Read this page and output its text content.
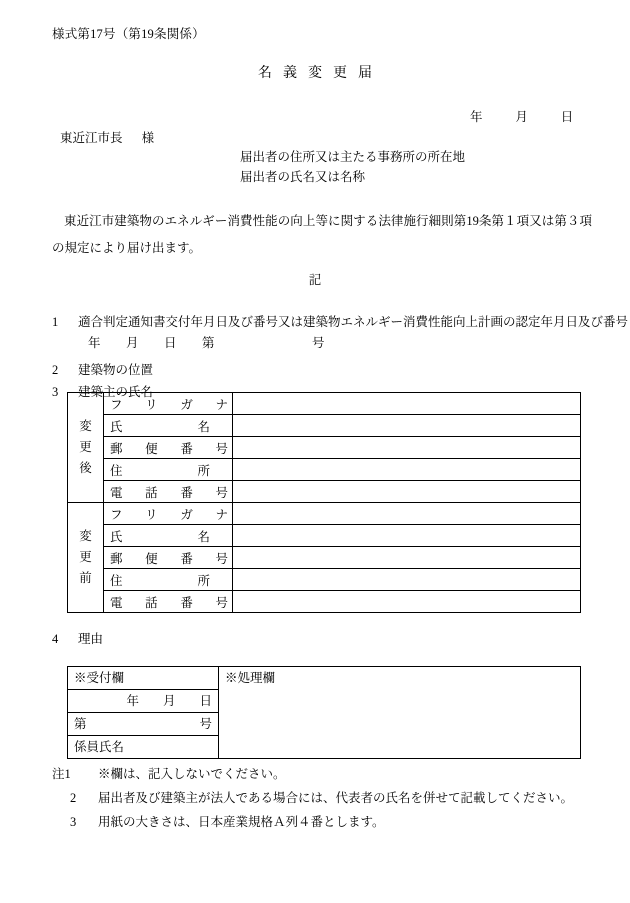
様式第17号（第19条関係）
名義変更届
年	月	日
東近江市長 様
届出者の住所又は主たる事務所の所在地
届出者の氏名又は名称
東近江市建築物のエネルギー消費性能の向上等に関する法律施行細則第19条第１項又は第３項の規定により届け出ます。
記
1 適合判定通知書交付年月日及び番号又は建築物エネルギー消費性能向上計画の認定年月日及び番号
年 月 日 第	号
2 建築物の位置
3 建築主の氏名
変
更
後	フ リ ガ ナ	

	氏 名	

	郵 便 番 号	

	住 所	

	電 話 番 号	

変
更
前	フ リ ガ ナ	

	氏 名	

	郵 便 番 号	

	住 所	

	電 話 番 号	

4 理由
※受付欄	※処理欄
年 月 日

第	号

係員氏名
注1 ※欄は、記入しないでください。
2 届出者及び建築主が法人である場合には、代表者の氏名を併せて記載してください。
3 用紙の大きさは、日本産業規格Ａ列４番とします。
